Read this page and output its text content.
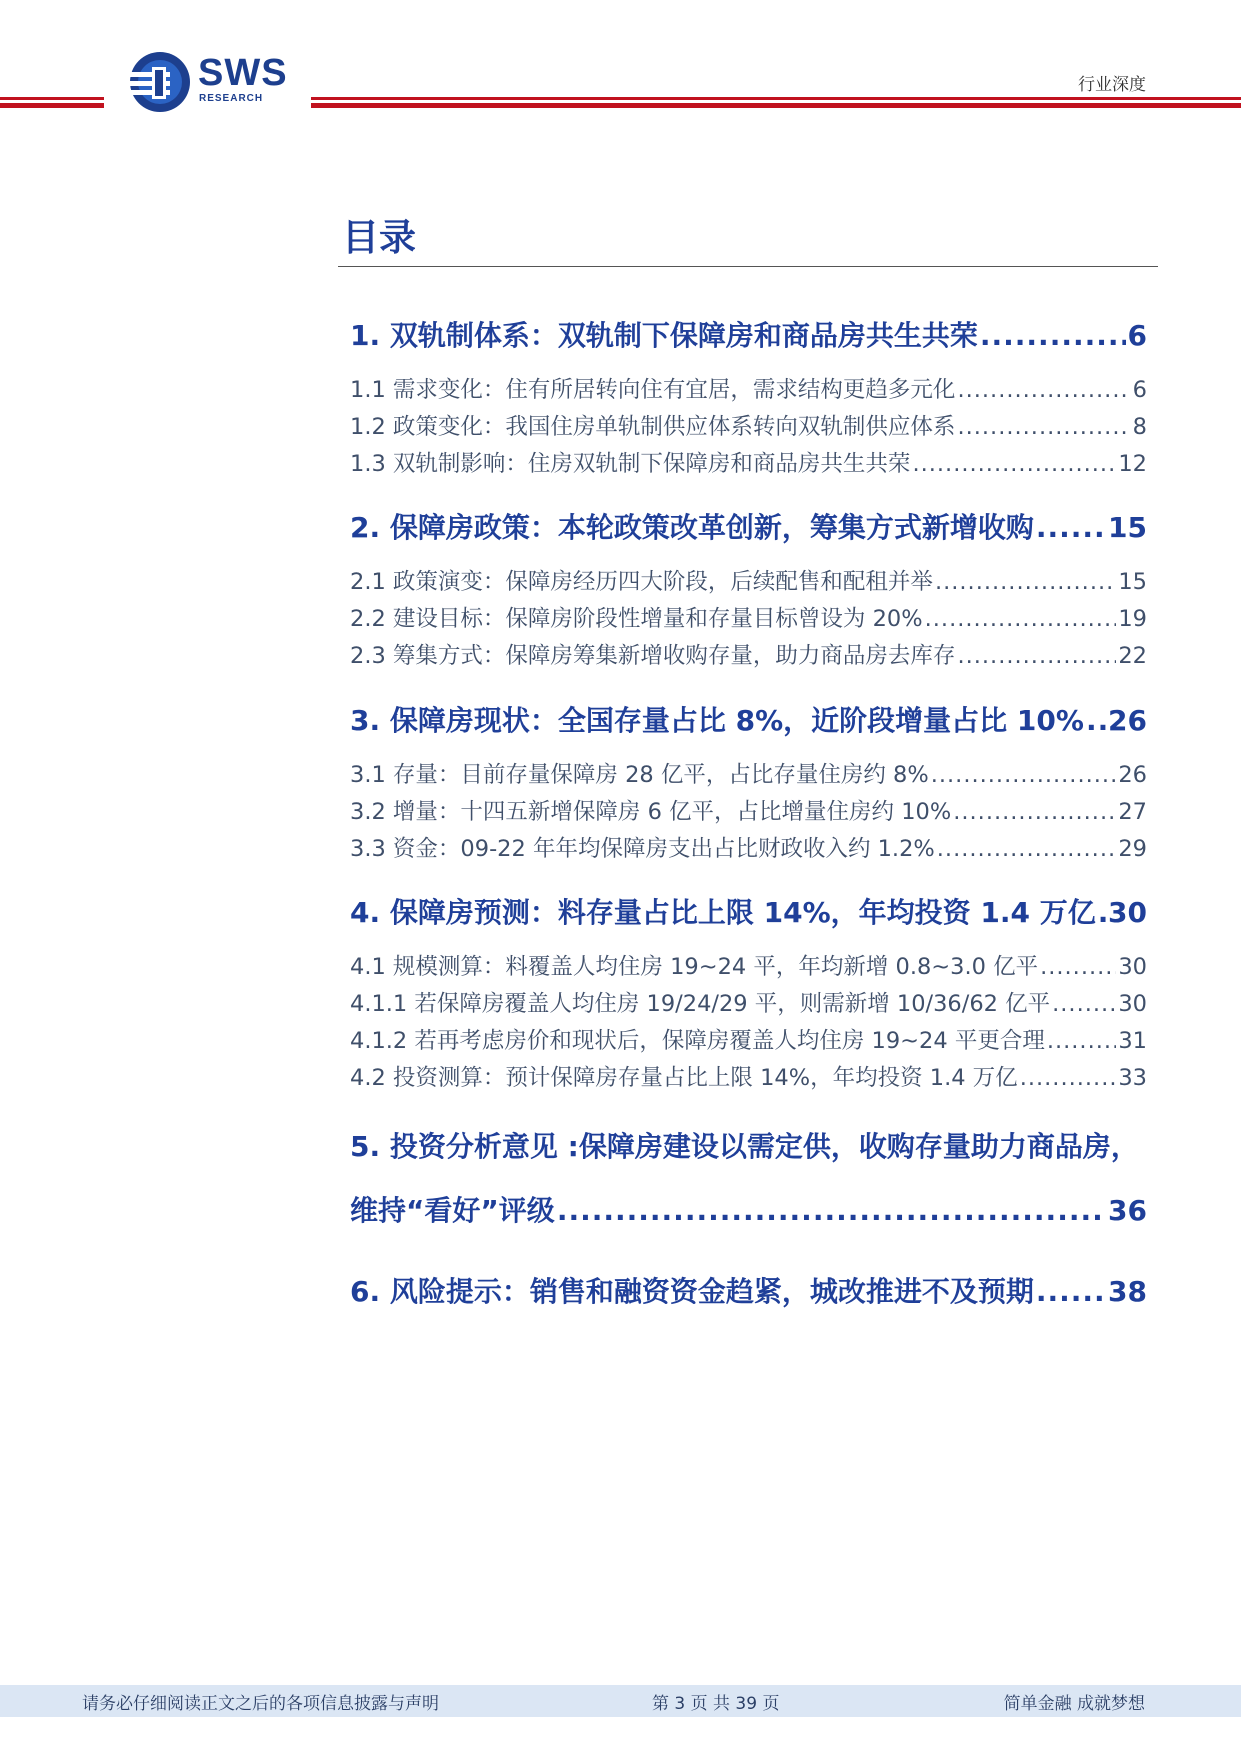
SWS
RESEARCH
行业深度
目录
1. 双轨制体系：双轨制下保障房和商品房共生共荣 .....	6
1.1 需求变化：住有所居转向住有宜居，需求结构更趋多元化 .....	6
1.2 政策变化：我国住房单轨制供应体系转向双轨制供应体系 .....	8
1.3 双轨制影响：住房双轨制下保障房和商品房共生共荣 .....	12
2. 保障房政策：本轮政策改革创新，筹集方式新增收购 .....	15
2.1 政策演变：保障房经历四大阶段，后续配售和配租并举 .....	15
2.2 建设目标：保障房阶段性增量和存量目标曾设为 20% .....	19
2.3 筹集方式：保障房筹集新增收购存量，助力商品房去库存 .....	22
3. 保障房现状：全国存量占比 8%，近阶段增量占比 10% ..... 26
3.1 存量：目前存量保障房 28 亿平，占比存量住房约 8% .....	26
3.2 增量：十四五新增保障房 6 亿平，占比增量住房约 10% .....	27
3.3 资金：09-22 年年均保障房支出占比财政收入约 1.2% .....	29
4. 保障房预测：料存量占比上限 14%，年均投资 1.4 万亿 ..... 30
4.1 规模测算：料覆盖人均住房 19~24 平，年均新增 0.8~3.0 亿平 .....	30
4.1.1 若保障房覆盖人均住房 19/24/29 平，则需新增 10/36/62 亿平 .....	30
4.1.2 若再考虑房价和现状后，保障房覆盖人均住房 19~24 平更合理 .....	31
4.2 投资测算：预计保障房存量占比上限 14%，年均投资 1.4 万亿 .....	33
5. 投资分析意见 :保障房建设以需定供，收购存量助力商品房，
维持“看好”评级 .....	36
6. 风险提示：销售和融资资金趋紧，城改推进不及预期 .....	38
请务必仔细阅读正文之后的各项信息披露与声明	第 3 页 共 39 页	简单金融 成就梦想
